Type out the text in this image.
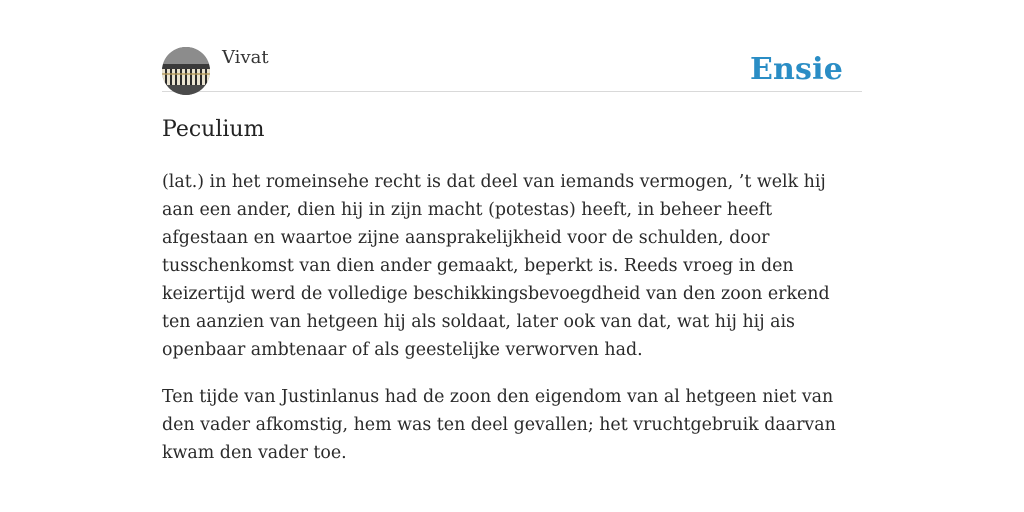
Vivat	Ensie
Peculium

(lat.) in het romeinsehe recht is dat deel van iemands vermogen, ’t welk hij aan een ander, dien hij in zijn macht (potestas) heeft, in beheer heeft afgestaan en waartoe zijne aansprakelijkheid voor de schulden, door tusschenkomst van dien ander gemaakt, beperkt is. Reeds vroeg in den keizertijd werd de volledige beschikkingsbevoegdheid van den zoon erkend ten aanzien van hetgeen hij als soldaat, later ook van dat, wat hij hij ais openbaar ambtenaar of als geestelijke verworven had.

Ten tijde van Justinlanus had de zoon den eigendom van al hetgeen niet van den vader afkomstig, hem was ten deel gevallen; het vruchtgebruik daarvan kwam den vader toe.
